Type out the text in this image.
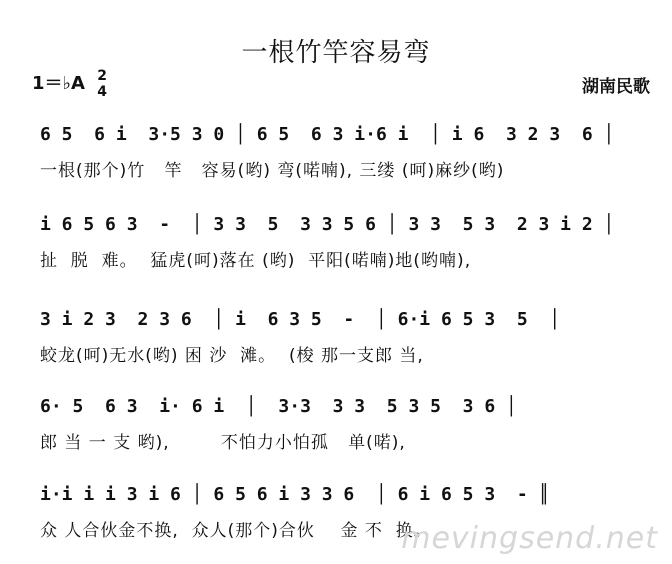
一根竹竿容易弯
1＝♭A 2
4	湖南民歌
6 5  6 i  3·5 3 0 │ 6 5  6 3 i·6 i  │ i 6  3 2 3  6 │
一根(那个)竹   竿   容易(哟) 弯(喏喃), 三缕 (呵)麻纱(哟)
i 6 5 6 3  -  │ 3 3  5  3 3 5 6 │ 3 3  5 3  2 3 i 2 │
扯  脱  难。  猛虎(呵)落在 (哟)  平阳(喏喃)地(哟喃),
3 i 2 3  2 3 6  │ i  6 3 5  -  │ 6·i 6 5 3  5  │
蛟龙(呵)无水(哟) 困 沙  滩。  (梭 那一支郎 当,
6· 5  6 3  i· 6 i  │  3·3  3 3  5 3 5  3 6 │
郎 当 一 支 哟),        不怕力小怕孤   单(喏),
i·i i i 3 i 6 │ 6 5 6 i 3 3 6  │ 6 i 6 5 3  - ║
众 人合伙金不换,  众人(那个)合伙    金 不  换。
mevingsend.net
